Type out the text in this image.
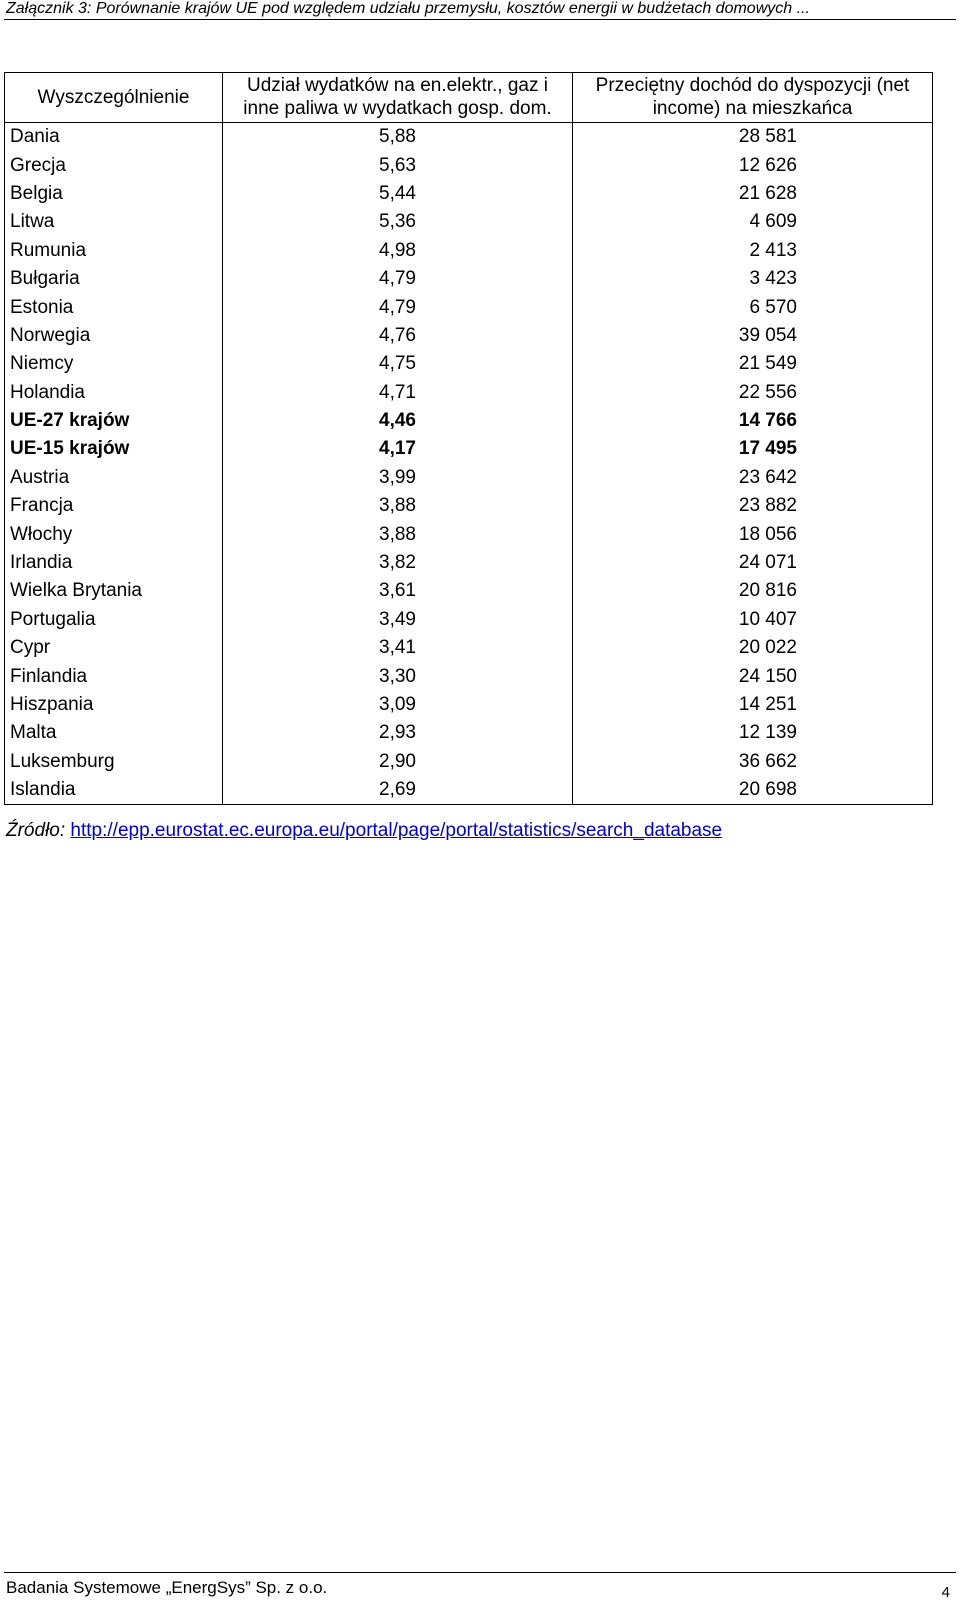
Załącznik 3: Porównanie krajów UE pod względem udziału przemysłu, kosztów energii w budżetach domowych ...
Wyszczególnienie	Udział wydatków na en.elektr., gaz i inne paliwa w wydatkach gosp. dom.	Przeciętny dochód do dyspozycji (net income) na mieszkańca
Dania	5,88	28 581
Grecja	5,63	12 626
Belgia	5,44	21 628
Litwa	5,36	4 609
Rumunia	4,98	2 413
Bułgaria	4,79	3 423
Estonia	4,79	6 570
Norwegia	4,76	39 054
Niemcy	4,75	21 549
Holandia	4,71	22 556
UE-27 krajów	4,46	14 766
UE-15 krajów	4,17	17 495
Austria	3,99	23 642
Francja	3,88	23 882
Włochy	3,88	18 056
Irlandia	3,82	24 071
Wielka Brytania	3,61	20 816
Portugalia	3,49	10 407
Cypr	3,41	20 022
Finlandia	3,30	24 150
Hiszpania	3,09	14 251
Malta	2,93	12 139
Luksemburg	2,90	36 662
Islandia	2,69	20 698
Źródło: http://epp.eurostat.ec.europa.eu/portal/page/portal/statistics/search_database
Badania Systemowe „EnergSys” Sp. z o.o.	4
